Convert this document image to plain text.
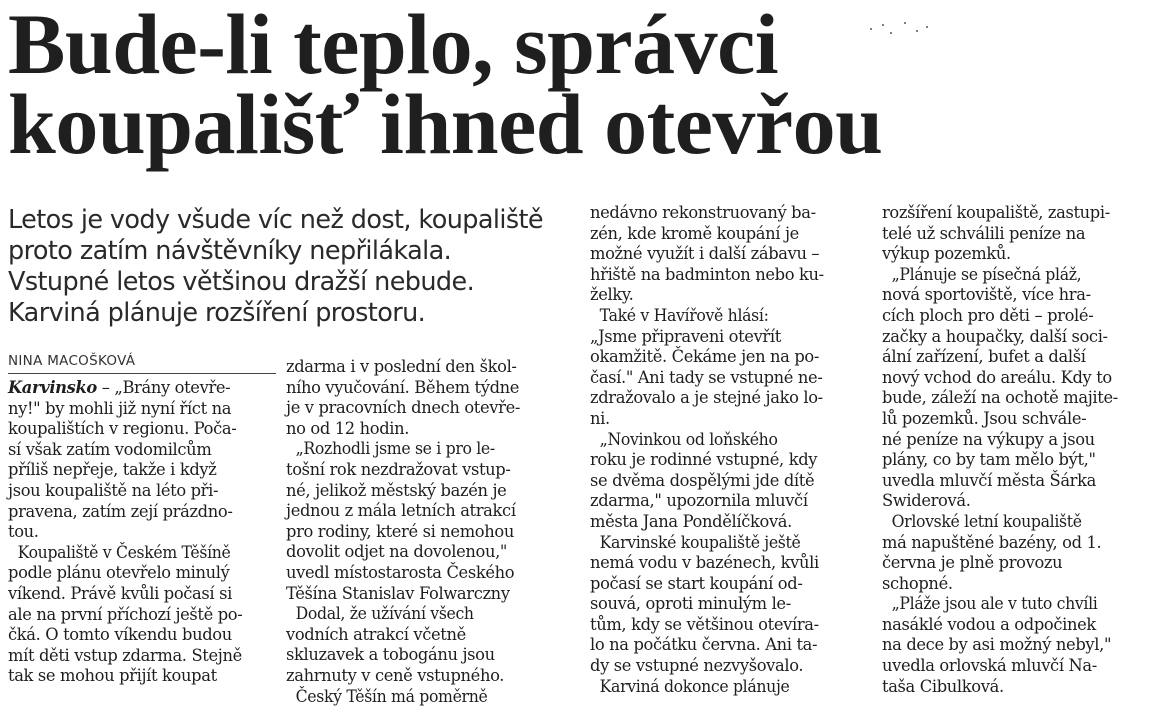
Bude-li teplo, správci
koupališť ihned otevřou
Letos je vody všude víc než dost, koupaliště
proto zatím návštěvníky nepřilákala.
Vstupné letos většinou dražší nebude.
Karviná plánuje rozšíření prostoru.
NINA MACOŠKOVÁ
Karvinsko – „Brány otevře-
ny!" by mohli již nyní říct na
koupalištích v regionu. Poča-
sí však zatím vodomilcům
příliš nepřeje, takže i když
jsou koupaliště na léto při-
pravena, zatím zejí prázdno-
tou.
Koupaliště v Českém Těšíně
podle plánu otevřelo minulý
víkend. Právě kvůli počasí si
ale na první příchozí ještě po-
čká. O tomto víkendu budou
mít děti vstup zdarma. Stejně
tak se mohou přijít koupat
zdarma i v poslední den škol-
ního vyučování. Během týdne
je v pracovních dnech otevře-
no od 12 hodin.
„Rozhodli jsme se i pro le-
tošní rok nezdražovat vstup-
né, jelikož městský bazén je
jednou z mála letních atrakcí
pro rodiny, které si nemohou
dovolit odjet na dovolenou,"
uvedl místostarosta Českého
Těšína Stanislav Folwarczny
Dodal, že užívání všech
vodních atrakcí včetně
skluzavek a tobogánu jsou
zahrnuty v ceně vstupného.
Český Těšín má poměrně
nedávno rekonstruovaný ba-
zén, kde kromě koupání je
možné využít i další zábavu –
hřiště na badminton nebo ku-
želky.
Také v Havířově hlásí:
„Jsme připraveni otevřít
okamžitě. Čekáme jen na po-
časí." Ani tady se vstupné ne-
zdražovalo a je stejné jako lo-
ni.
„Novinkou od loňského
roku je rodinné vstupné, kdy
se dvěma dospělými jde dítě
zdarma," upozornila mluvčí
města Jana Pondělíčková.
Karvinské koupaliště ještě
nemá vodu v bazénech, kvůli
počasí se start koupání od-
souvá, oproti minulým le-
tům, kdy se většinou otevíra-
lo na počátku června. Ani ta-
dy se vstupné nezvyšovalo.
Karviná dokonce plánuje
rozšíření koupaliště, zastupi-
telé už schválili peníze na
výkup pozemků.
„Plánuje se písečná pláž,
nová sportoviště, více hra-
cích ploch pro děti – prolé-
začky a houpačky, další soci-
ální zařízení, bufet a další
nový vchod do areálu. Kdy to
bude, záleží na ochotě majite-
lů pozemků. Jsou schvále-
né peníze na výkupy a jsou
plány, co by tam mělo být,"
uvedla mluvčí města Šárka
Swiderová.
Orlovské letní koupaliště
má napuštěné bazény, od 1.
června je plně provozu
schopné.
„Pláže jsou ale v tuto chvíli
nasáklé vodou a odpočinek
na dece by asi možný nebyl,"
uvedla orlovská mluvčí Na-
taša Cibulková.
